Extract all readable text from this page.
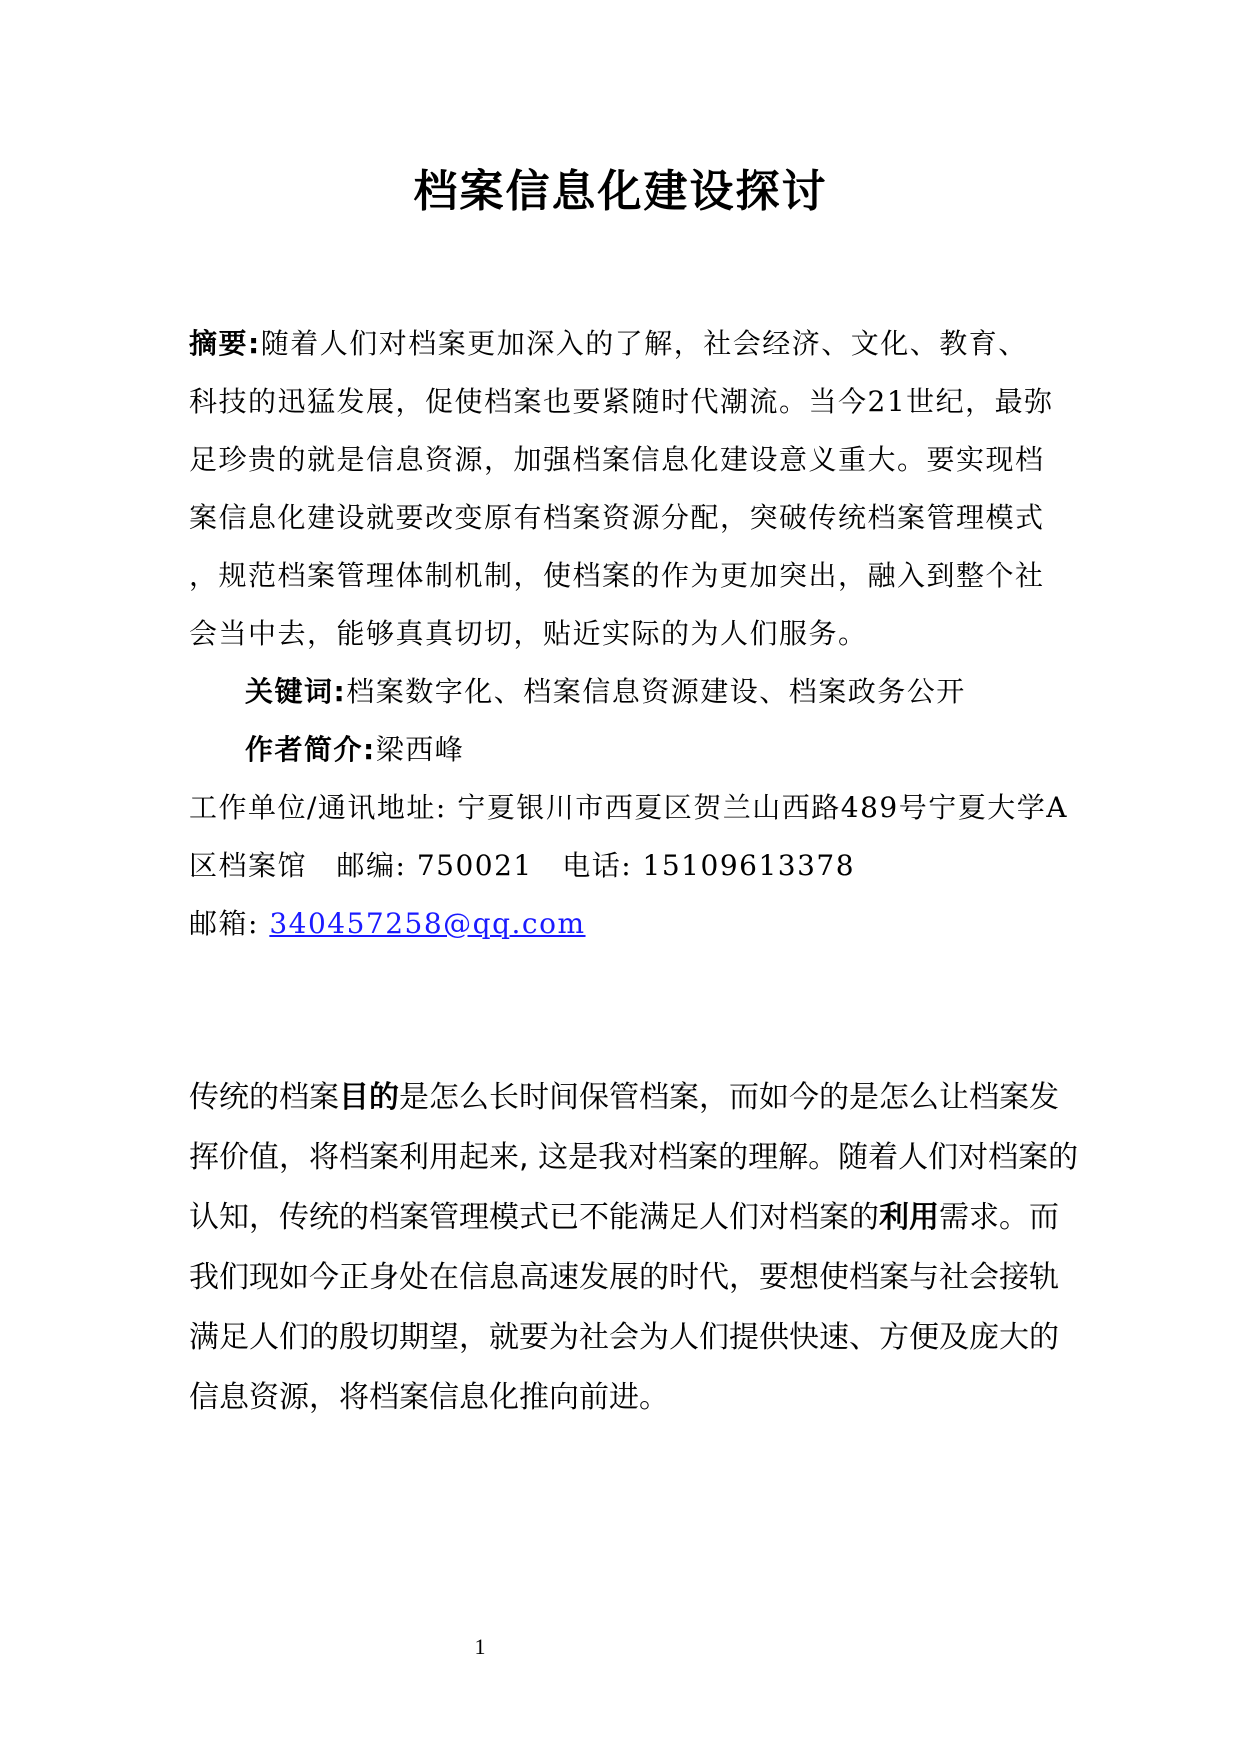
档案信息化建设探讨
摘要:随着人们对档案更加深入的了解，社会经济、文化、教育、
科技的迅猛发展，促使档案也要紧随时代潮流。当今21世纪，最弥
足珍贵的就是信息资源，加强档案信息化建设意义重大。要实现档
案信息化建设就要改变原有档案资源分配，突破传统档案管理模式
，规范档案管理体制机制，使档案的作为更加突出，融入到整个社
会当中去，能够真真切切，贴近实际的为人们服务。
关键词:档案数字化、档案信息资源建设、档案政务公开
作者简介:梁西峰
工作单位/通讯地址: 宁夏银川市西夏区贺兰山西路489号宁夏大学A
区档案馆　邮编: 750021　电话: 15109613378
邮箱: 340457258@qq.com
传统的档案目的是怎么长时间保管档案，而如今的是怎么让档案发
挥价值，将档案利用起来, 这是我对档案的理解。随着人们对档案的
认知，传统的档案管理模式已不能满足人们对档案的利用需求。而
我们现如今正身处在信息高速发展的时代，要想使档案与社会接轨
满足人们的殷切期望，就要为社会为人们提供快速、方便及庞大的
信息资源，将档案信息化推向前进。
1
